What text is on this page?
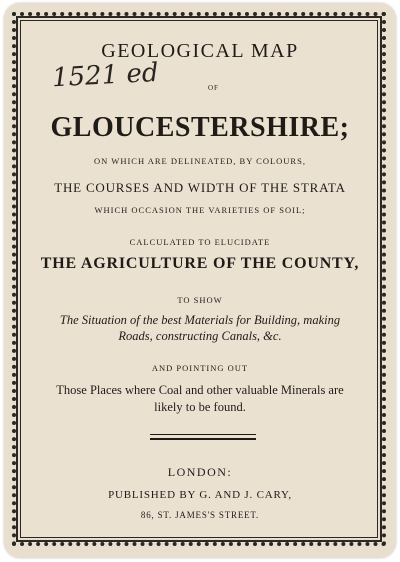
GEOLOGICAL MAP
OF
1521 ed
GLOUCESTERSHIRE;
ON WHICH ARE DELINEATED, BY COLOURS,
THE COURSES AND WIDTH OF THE STRATA
WHICH OCCASION THE VARIETIES OF SOIL;
CALCULATED TO ELUCIDATE
THE AGRICULTURE OF THE COUNTY,
TO SHOW
The Situation of the best Materials for Building, making
Roads, constructing Canals, &c.
AND POINTING OUT
Those Places where Coal and other valuable Minerals are
likely to be found.
LONDON:
PUBLISHED BY G. AND J. CARY,
86, ST. JAMES'S STREET.
